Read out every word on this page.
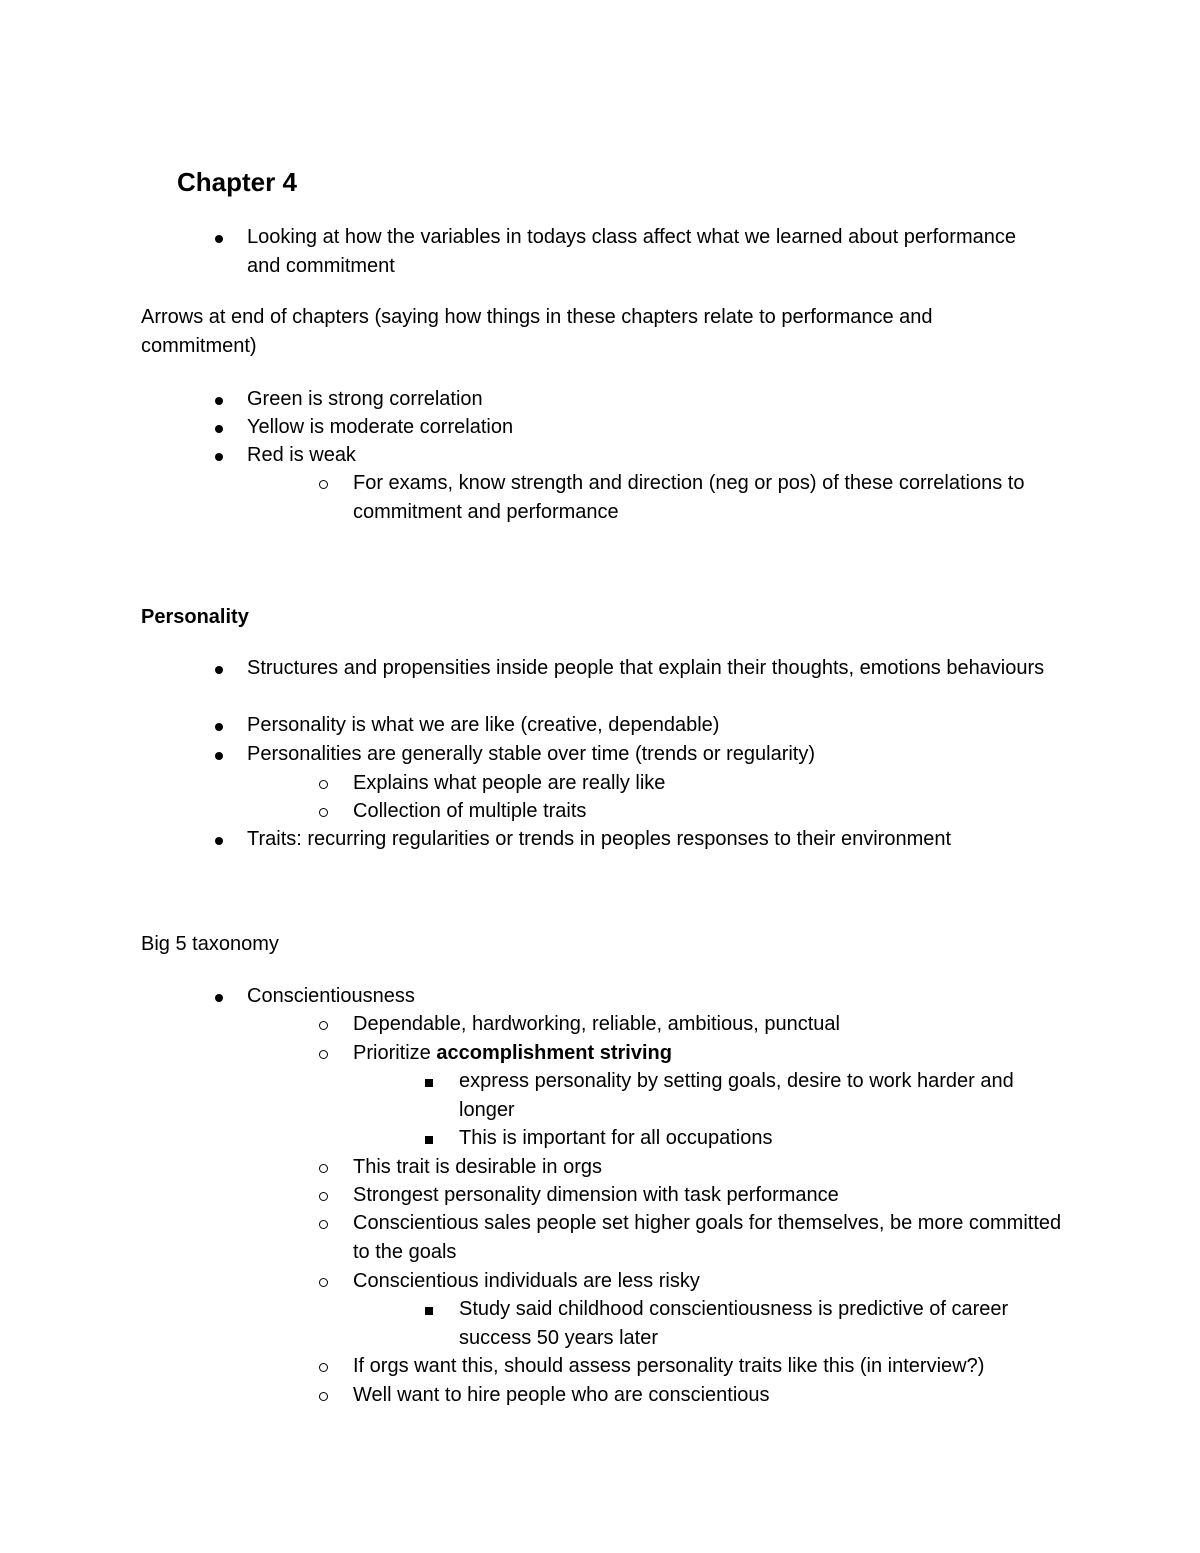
Chapter 4
Looking at how the variables in todays class affect what we learned about performance and commitment
Arrows at end of chapters (saying how things in these chapters relate to performance and commitment)
Green is strong correlation
Yellow is moderate correlation
Red is weak
For exams, know strength and direction (neg or pos) of these correlations to commitment and performance
Personality
Structures and propensities inside people that explain their thoughts, emotions behaviours
Personality is what we are like (creative, dependable)
Personalities are generally stable over time (trends or regularity)
Explains what people are really like
Collection of multiple traits
Traits: recurring regularities or trends in peoples responses to their environment
Big 5 taxonomy
Conscientiousness
Dependable, hardworking, reliable, ambitious, punctual
Prioritize accomplishment striving
express personality by setting goals, desire to work harder and longer
This is important for all occupations
This trait is desirable in orgs
Strongest personality dimension with task performance
Conscientious sales people set higher goals for themselves, be more committed to the goals
Conscientious individuals are less risky
Study said childhood conscientiousness is predictive of career success 50 years later
If orgs want this, should assess personality traits like this (in interview?)
Well want to hire people who are conscientious
